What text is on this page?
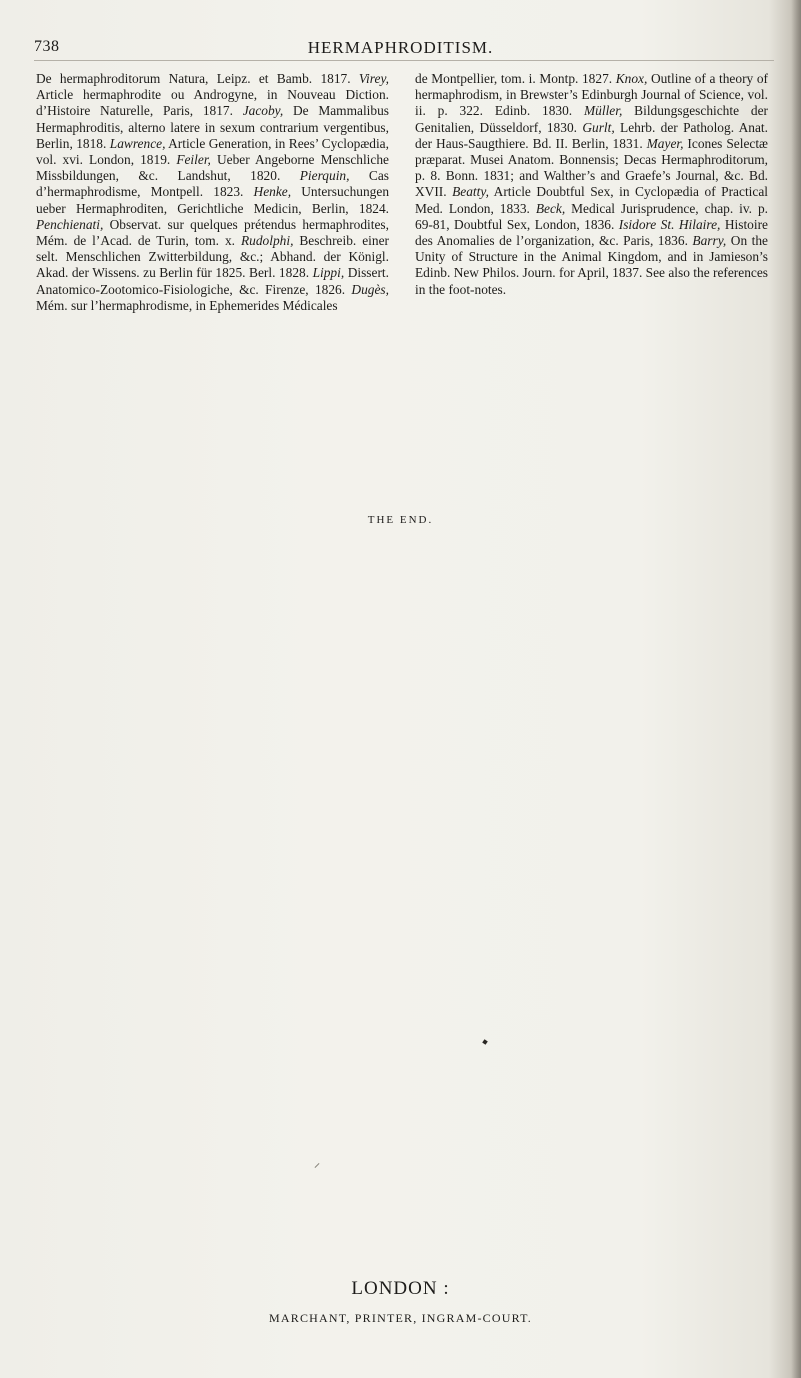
738	HERMAPHRODITISM.

De hermaphroditorum Natura, Leipz. et Bamb. 1817. Virey, Article hermaphrodite ou Androgyne, in Nouveau Diction. d’Histoire Naturelle, Paris, 1817. Jacoby, De Mammalibus Hermaphroditis, alterno latere in sexum contrarium vergentibus, Berlin, 1818. Lawrence, Article Generation, in Rees’ Cyclopædia, vol. xvi. London, 1819. Feiler, Ueber Angeborne Menschliche Missbildungen, &c. Landshut, 1820. Pierquin, Cas d’hermaphrodisme, Montpell. 1823. Henke, Untersuchungen ueber Hermaphroditen, Gerichtliche Medicin, Berlin, 1824. Penchienati, Observat. sur quelques prétendus hermaphrodites, Mém. de l’Acad. de Turin, tom. x. Rudolphi, Beschreib. einer selt. Menschlichen Zwitterbildung, &c.; Abhand. der Königl. Akad. der Wissens. zu Berlin für 1825. Berl. 1828. Lippi, Dissert. Anatomico-Zootomico-Fisiologiche, &c. Firenze, 1826. Dugès, Mém. sur l’hermaphrodisme, in Ephemerides Médicales

de Montpellier, tom. i. Montp. 1827. Knox, Outline of a theory of hermaphrodism, in Brewster’s Edinburgh Journal of Science, vol. ii. p. 322. Edinb. 1830. Müller, Bildungsgeschichte der Genitalien, Düsseldorf, 1830. Gurlt, Lehrb. der Patholog. Anat. der Haus-Saugthiere. Bd. II. Berlin, 1831. Mayer, Icones Selectæ præparat. Musei Anatom. Bonnensis; Decas Hermaphroditorum, p. 8. Bonn. 1831; and Walther’s and Graefe’s Journal, &c. Bd. XVII. Beatty, Article Doubtful Sex, in Cyclopædia of Practical Med. London, 1833. Beck, Medical Jurisprudence, chap. iv. p. 69-81, Doubtful Sex, London, 1836. Isidore St. Hilaire, Histoire des Anomalies de l’organization, &c. Paris, 1836. Barry, On the Unity of Structure in the Animal Kingdom, and in Jamieson’s Edinb. New Philos. Journ. for April, 1837. See also the references in the foot-notes.

THE END.
LONDON :
MARCHANT, PRINTER, INGRAM-COURT.
